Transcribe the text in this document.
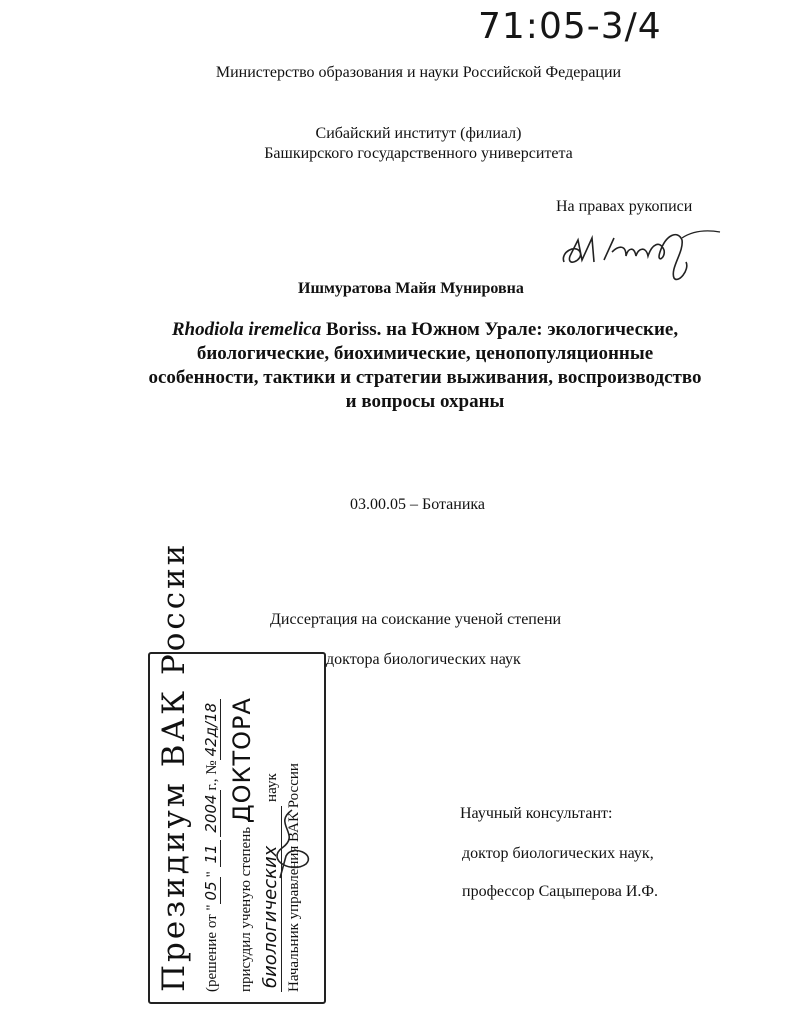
71:05-3/4
Министерство образования и науки Российской Федерации
Сибайский институт (филиал)
Башкирского государственного университета
На правах рукописи
Ишмуратова Майя Мунировна
Rhodiola iremelica Boriss. на Южном Урале: экологические,
биологические, биохимические, ценопопуляционные
особенности, тактики и стратегии выживания, воспроизводство
и вопросы охраны
03.00.05 – Ботаника
Диссертация на соискание ученой степени
доктора биологических наук
Научный консультант:
доктор биологических наук,
профессор Сацыперова И.Ф.
Президиум ВАК России (решение от "05" 11 2004г., №42д/18
присудил ученую степень ДОКТОРА
биологических наук Начальник управления ВАК России
